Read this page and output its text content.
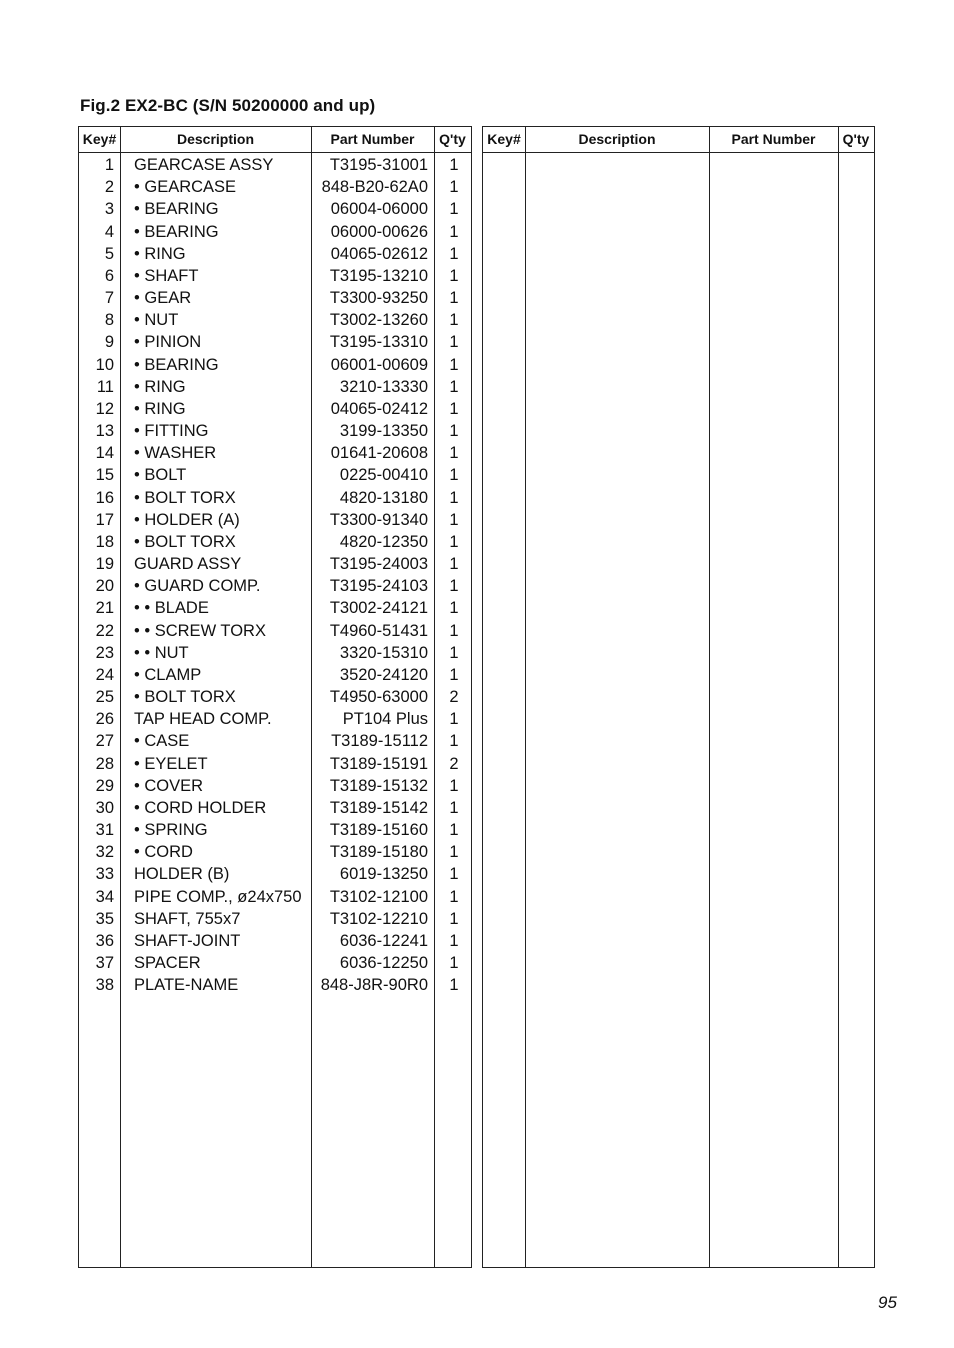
Fig.2 EX2-BC (S/N 50200000 and up)
Key#	Description	Part Number	Q'ty
1 GEARCASE ASSY	T3195-31001	1
2 • GEARCASE	848-B20-62A0	1
3 • BEARING	06004-06000	1
4 • BEARING	06000-00626	1
5 • RING	04065-02612	1
6 • SHAFT	T3195-13210	1
7 • GEAR	T3300-93250	1
8 • NUT	T3002-13260	1
9 • PINION	T3195-13310	1
10 • BEARING	06001-00609	1
11 • RING	3210-13330	1
12 • RING	04065-02412	1
13 • FITTING	3199-13350	1
14 • WASHER	01641-20608	1
15 • BOLT	0225-00410	1
16 • BOLT TORX	4820-13180	1
17 • HOLDER (A)	T3300-91340	1
18 • BOLT TORX	4820-12350	1
19 GUARD ASSY	T3195-24003	1
20 • GUARD COMP.	T3195-24103	1
21 • • BLADE	T3002-24121	1
22 • • SCREW TORX	T4960-51431	1
23 • • NUT	3320-15310	1
24 • CLAMP	3520-24120	1
25 • BOLT TORX	T4950-63000	2
26 TAP HEAD COMP.	PT104 Plus	1
27 • CASE	T3189-15112	1
28 • EYELET	T3189-15191	2
29 • COVER	T3189-15132	1
30 • CORD HOLDER	T3189-15142	1
31 • SPRING	T3189-15160	1
32 • CORD	T3189-15180	1
33 HOLDER (B)	6019-13250	1
34 PIPE COMP., ø24x750	T3102-12100	1
35 SHAFT, 755x7	T3102-12210	1
36 SHAFT-JOINT	6036-12241	1
37 SPACER	6036-12250	1
38 PLATE-NAME	848-J8R-90R0	1
Key#	Description	Part Number	Q'ty
95
